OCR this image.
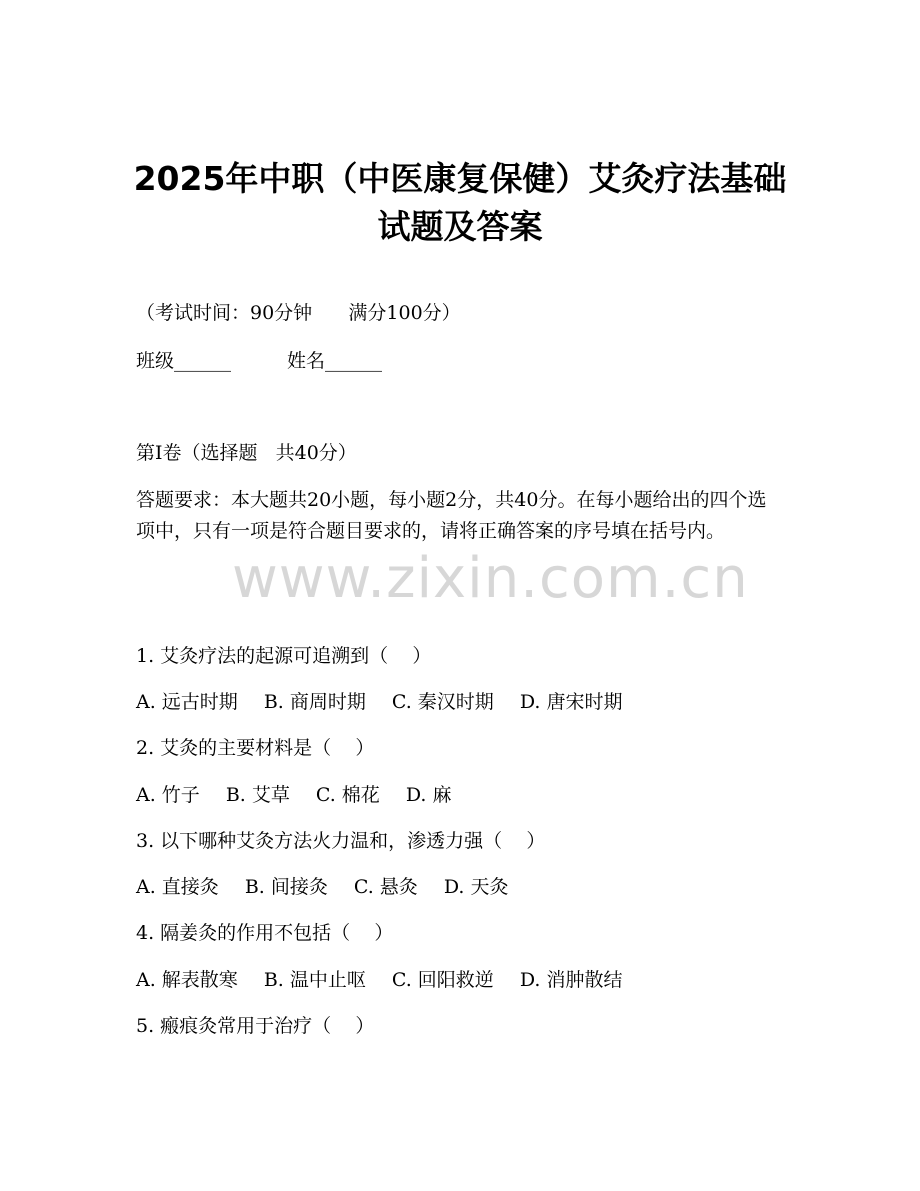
2025年中职（中医康复保健）艾灸疗法基础
试题及答案

（考试时间：90分钟      满分100分）

班级______	姓名______

第I卷（选择题   共40分）

答题要求：本大题共20小题，每小题2分，共40分。在每小题给出的四个选项中，只有一项是符合题目要求的，请将正确答案的序号填在括号内。

www.zixin.com.cn

1. 艾灸疗法的起源可追溯到（    ）

A. 远古时期 B. 商周时期 C. 秦汉时期 D. 唐宋时期

2. 艾灸的主要材料是（    ）

A. 竹子 B. 艾草 C. 棉花 D. 麻

3. 以下哪种艾灸方法火力温和，渗透力强（    ）

A. 直接灸 B. 间接灸 C. 悬灸 D. 天灸

4. 隔姜灸的作用不包括（    ）

A. 解表散寒 B. 温中止呕 C. 回阳救逆 D. 消肿散结

5. 瘢痕灸常用于治疗（    ）
